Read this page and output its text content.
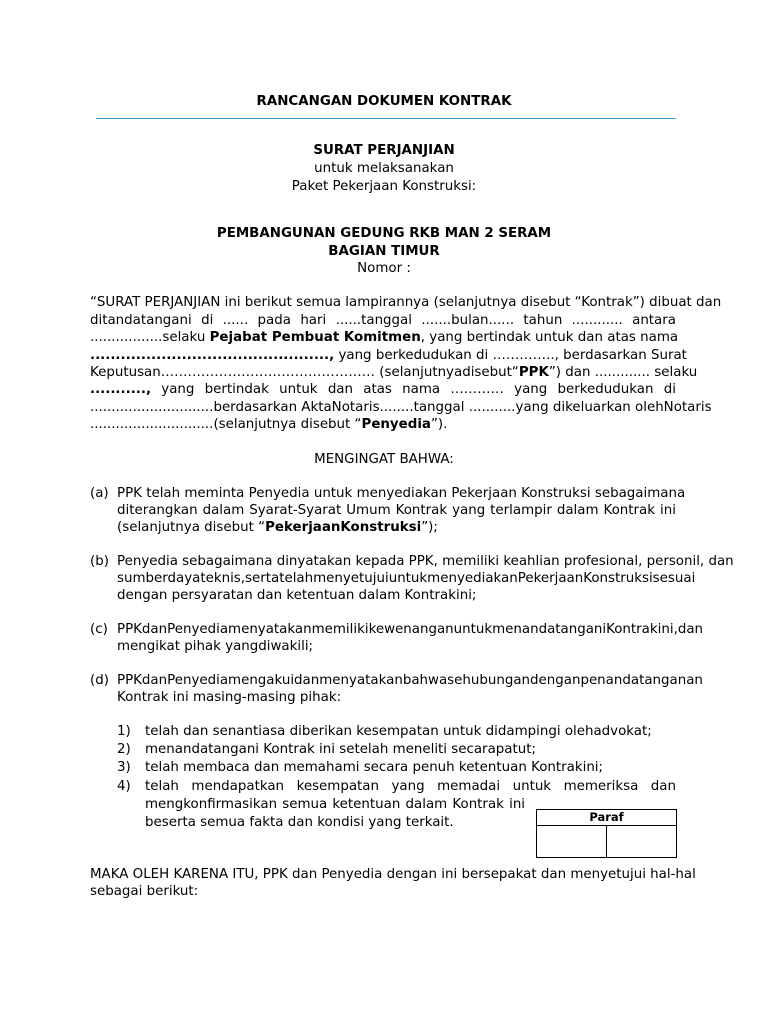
RANCANGAN DOKUMEN KONTRAK
SURAT PERJANJIAN
untuk melaksanakan
Paket Pekerjaan Konstruksi:
PEMBANGUNAN GEDUNG RKB MAN 2 SERAM
BAGIAN TIMUR
Nomor :
“SURAT PERJANJIAN ini berikut semua lampirannya (selanjutnya disebut “Kontrak”) dibuat dan
ditandatangani di ...... pada hari ......tanggal .......bulan...... tahun ............ antara
.................selaku Pejabat Pembuat Komitmen, yang bertindak untuk dan atas nama
..............................................., yang berkedudukan di ………….., berdasarkan Surat
Keputusan………………………………………… (selanjutnyadisebut“PPK”) dan ............. selaku
..........., yang bertindak untuk dan atas nama ………… yang berkedudukan di
.............................berdasarkan AktaNotaris........tanggal ...........yang dikeluarkan olehNotaris
.............................(selanjutnya disebut “Penyedia”).
MENGINGAT BAHWA:
(a) PPK telah meminta Penyedia untuk menyediakan Pekerjaan Konstruksi sebagaimana
diterangkan dalam Syarat-Syarat Umum Kontrak yang terlampir dalam Kontrak ini
(selanjutnya disebut “PekerjaanKonstruksi”);
(b) Penyedia sebagaimana dinyatakan kepada PPK, memiliki keahlian profesional, personil, dan
sumberdayateknis,sertatelahmenyetujuiuntukmenyediakanPekerjaanKonstruksisesuai
dengan persyaratan dan ketentuan dalam Kontrakini;
(c) PPKdanPenyediamenyatakanmemilikikewenanganuntukmenandatanganiKontrakini,dan
mengikat pihak yangdiwakili;
(d) PPKdanPenyediamengakuidanmenyatakanbahwasehubungandenganpenandatanganan
Kontrak ini masing-masing pihak:
1) telah dan senantiasa diberikan kesempatan untuk didampingi olehadvokat;
2) menandatangani Kontrak ini setelah meneliti secarapatut;
3) telah membaca dan memahami secara penuh ketentuan Kontrakini;
4) telah mendapatkan kesempatan yang memadai untuk memeriksa dan
mengkonfirmasikan semua ketentuan dalam Kontrak ini
beserta semua fakta dan kondisi yang terkait.	Paraf
MAKA OLEH KARENA ITU, PPK dan Penyedia dengan ini bersepakat dan menyetujui hal-hal
sebagai berikut:
